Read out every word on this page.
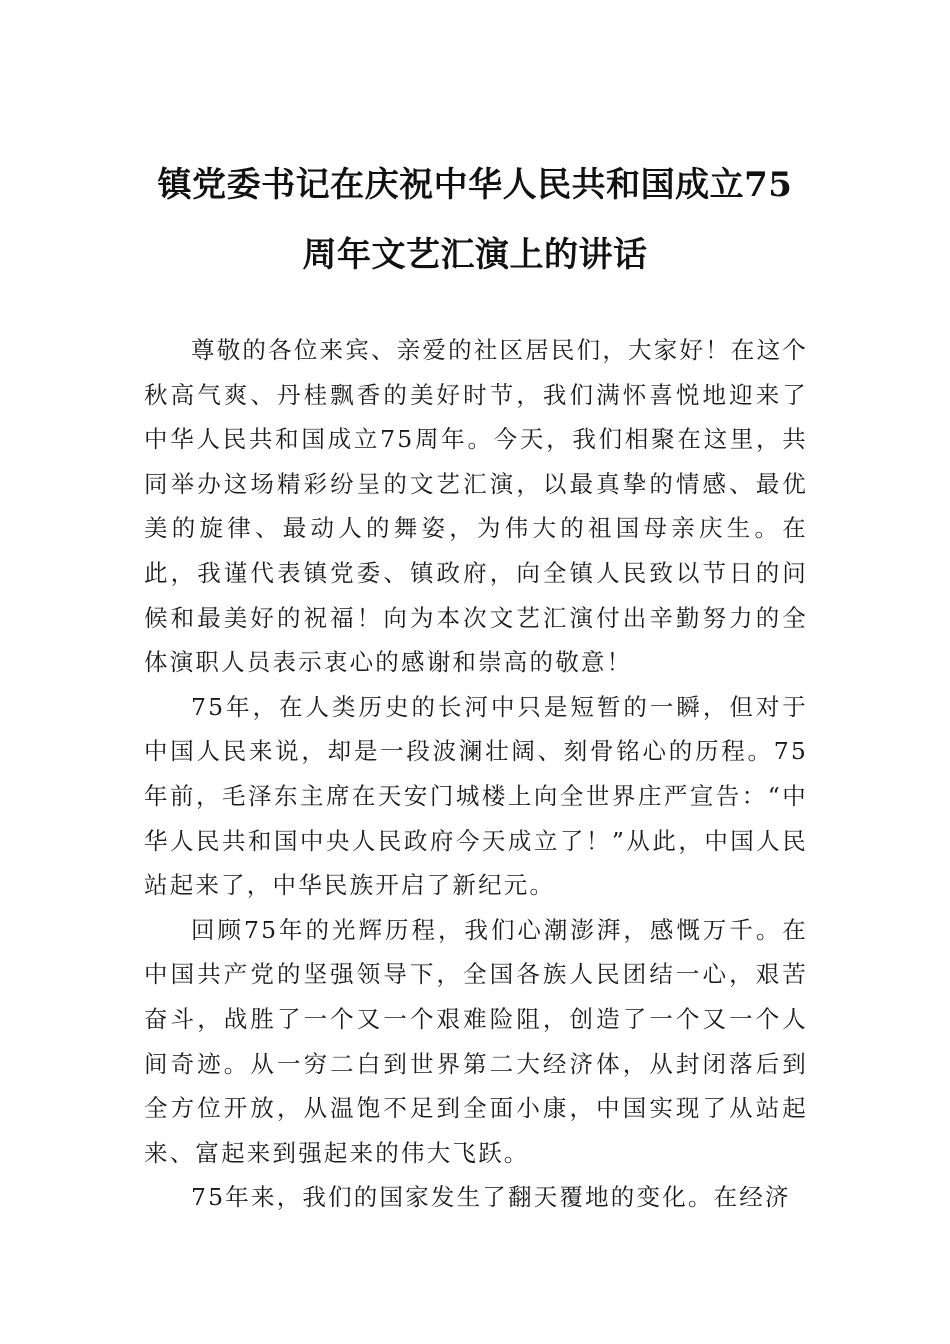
镇党委书记在庆祝中华人民共和国成立75
周年文艺汇演上的讲话

尊敬的各位来宾、亲爱的社区居民们，大家好！在这个秋高气爽、丹桂飘香的美好时节，我们满怀喜悦地迎来了中华人民共和国成立75周年。今天，我们相聚在这里，共同举办这场精彩纷呈的文艺汇演，以最真挚的情感、最优美的旋律、最动人的舞姿，为伟大的祖国母亲庆生。在此，我谨代表镇党委、镇政府，向全镇人民致以节日的问候和最美好的祝福！向为本次文艺汇演付出辛勤努力的全体演职人员表示衷心的感谢和崇高的敬意！

75年，在人类历史的长河中只是短暂的一瞬，但对于中国人民来说，却是一段波澜壮阔、刻骨铭心的历程。75年前，毛泽东主席在天安门城楼上向全世界庄严宣告：“中华人民共和国中央人民政府今天成立了！”从此，中国人民站起来了，中华民族开启了新纪元。

回顾75年的光辉历程，我们心潮澎湃，感慨万千。在中国共产党的坚强领导下，全国各族人民团结一心，艰苦奋斗，战胜了一个又一个艰难险阻，创造了一个又一个人间奇迹。从一穷二白到世界第二大经济体，从封闭落后到全方位开放，从温饱不足到全面小康，中国实现了从站起来、富起来到强起来的伟大飞跃。

75年来，我们的国家发生了翻天覆地的变化。在经济
